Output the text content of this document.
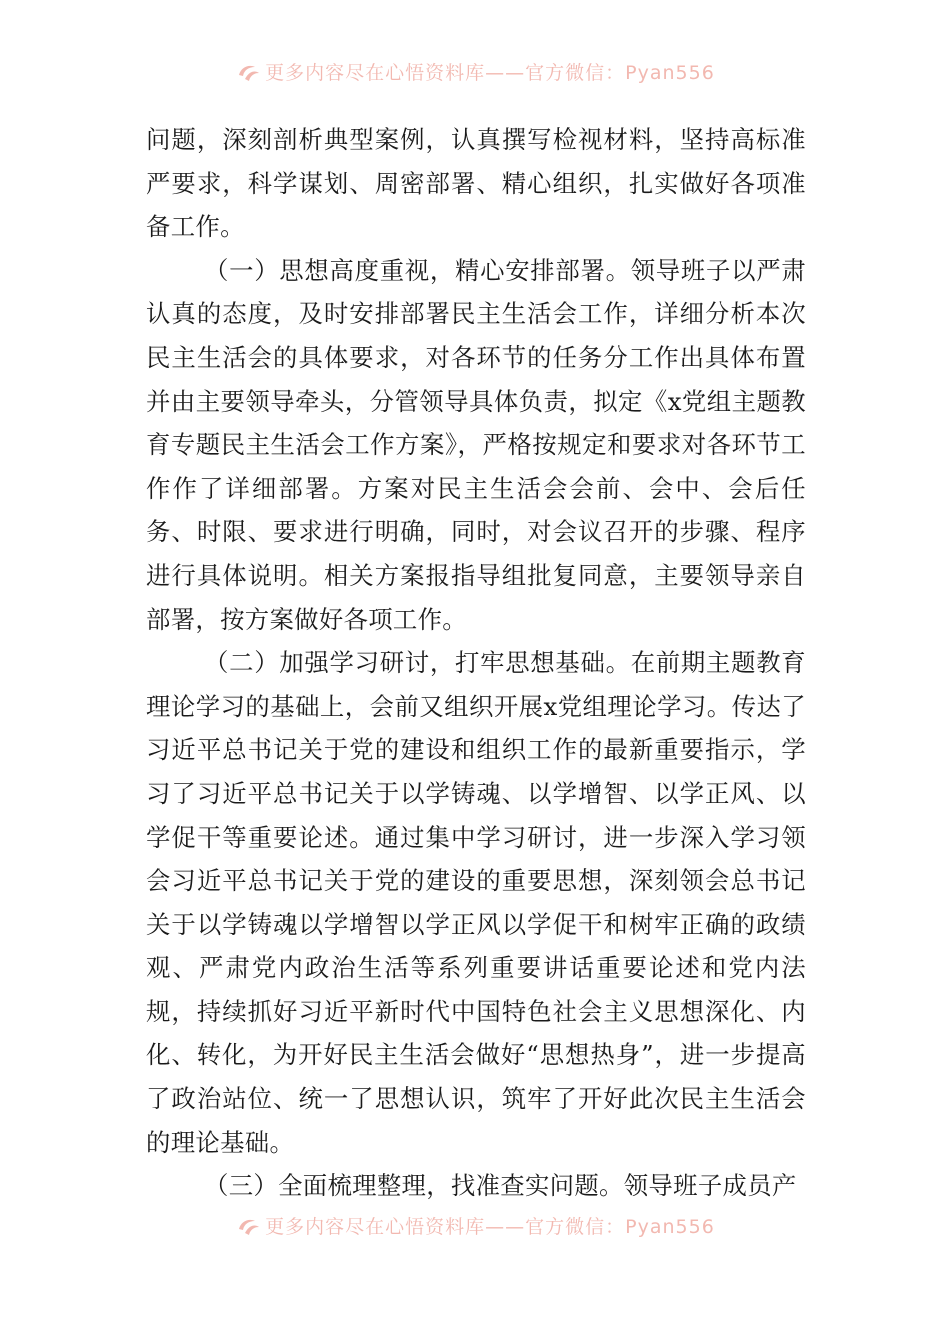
更多内容尽在心悟资料库——官方微信：Pyan556

问题，深刻剖析典型案例，认真撰写检视材料，坚持高标准严要求，科学谋划、周密部署、精心组织，扎实做好各项准备工作。

（一）思想高度重视，精心安排部署。领导班子以严肃认真的态度，及时安排部署民主生活会工作，详细分析本次民主生活会的具体要求，对各环节的任务分工作出具体布置并由主要领导牵头，分管领导具体负责，拟定《x党组主题教育专题民主生活会工作方案》，严格按规定和要求对各环节工作作了详细部署。方案对民主生活会会前、会中、会后任务、时限、要求进行明确，同时，对会议召开的步骤、程序进行具体说明。相关方案报指导组批复同意，主要领导亲自部署，按方案做好各项工作。

（二）加强学习研讨，打牢思想基础。在前期主题教育理论学习的基础上，会前又组织开展x党组理论学习。传达了习近平总书记关于党的建设和组织工作的最新重要指示，学习了习近平总书记关于以学铸魂、以学增智、以学正风、以学促干等重要论述。通过集中学习研讨，进一步深入学习领会习近平总书记关于党的建设的重要思想，深刻领会总书记关于以学铸魂以学增智以学正风以学促干和树牢正确的政绩观、严肃党内政治生活等系列重要讲话重要论述和党内法规，持续抓好习近平新时代中国特色社会主义思想深化、内化、转化，为开好民主生活会做好“思想热身”，进一步提高了政治站位、统一了思想认识，筑牢了开好此次民主生活会的理论基础。

（三）全面梳理整理，找准查实问题。领导班子成员产

更多内容尽在心悟资料库——官方微信：Pyan556
